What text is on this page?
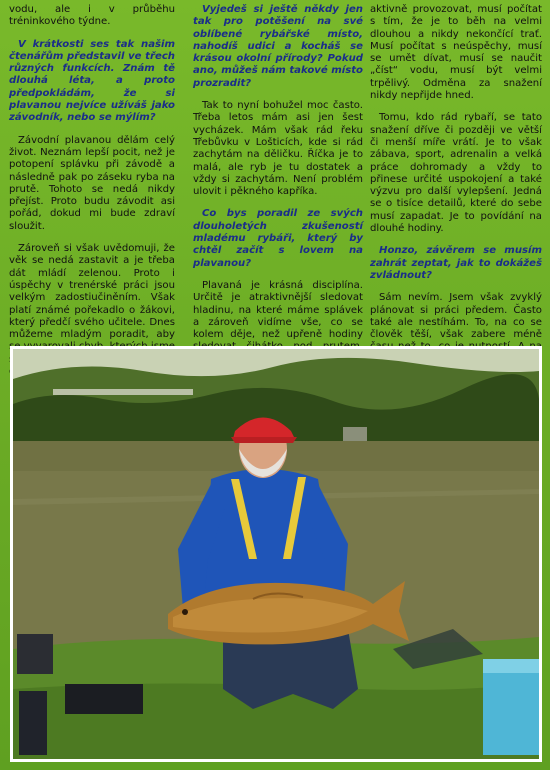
vodu, ale i v průběhu tréninkového týdne.

V krátkosti ses tak našim čtenářům představil ve třech různých funkcích. Znám tě dlouhá léta, a proto předpokládám, že si plavanou nejvíce užíváš jako závodník, nebo se mýlím?

Závodní plavanou dělám celý život. Neznám lepší pocit, než je potopení splávku při závodě a následně pak po záseku ryba na prutě. Tohoto se nedá nikdy přejíst. Proto budu závodit asi pořád, dokud mi bude zdraví sloužit.

Zároveň si však uvědomuji, že věk se nedá zastavit a je třeba dát mládí zelenou. Proto i úspěchy v trenérské práci jsou velkým zadostiučiněním. Však platí známé pořekadlo o žákovi, který předčí svého učitele. Dnes můžeme mladým poradit, aby

Vyjedeš si ještě někdy jen tak pro potěšení na své oblíbené rybářské místo, nahodíš udici a kocháš se krásou okolní přírody? Pokud ano, můžeš nám takové místo prozradit?

Tak to nyní bohužel moc často. Třeba letos mám asi jen šest vycházek. Mám však rád řeku Třebůvku v Lošticích, kde si rád zachytám na děličku. Říčka je to malá, ale ryb je tu dostatek a vždy si zachytám. Není problém ulovit i pěkného kapříka.

Co bys poradil ze svých dlouholetých zkušeností mladému rybáři, který by chtěl začít s lovem na plavanou?

Plavaná je krásná disciplína. Určitě je atraktivnější sledovat hladinu, na které máme splávek a zároveň vidíme vše, co se kolem děje, než upřeně hodiny

aktivně provozovat, musí počítat s tím, že je to běh na velmi dlouhou a nikdy nekončící trať. Musí počítat s neúspěchy, musí se umět dívat, musí se naučit „číst“ vodu, musí být velmi trpělivý. Odměna za snažení nikdy nepřijde hned.

Tomu, kdo rád rybaří, se tato snažení dříve či později ve větší či menší míře vrátí. Je to však zábava, sport, adrenalin a velká práce dohromady a vždy to přinese určité uspokojení a také výzvu pro další vylepšení. Jedná se o tisíce detailů, které do sebe musí zapadat. Je to povídání na dlouhé hodiny.

Honzo, závěrem se musím zahrát zeptat, jak to dokážeš zvládnout?

Sám nevím. Jsem však zvyklý plánovat si práci předem. Často také ale nestíhám. To, na co se člověk těší, však zabere méně
